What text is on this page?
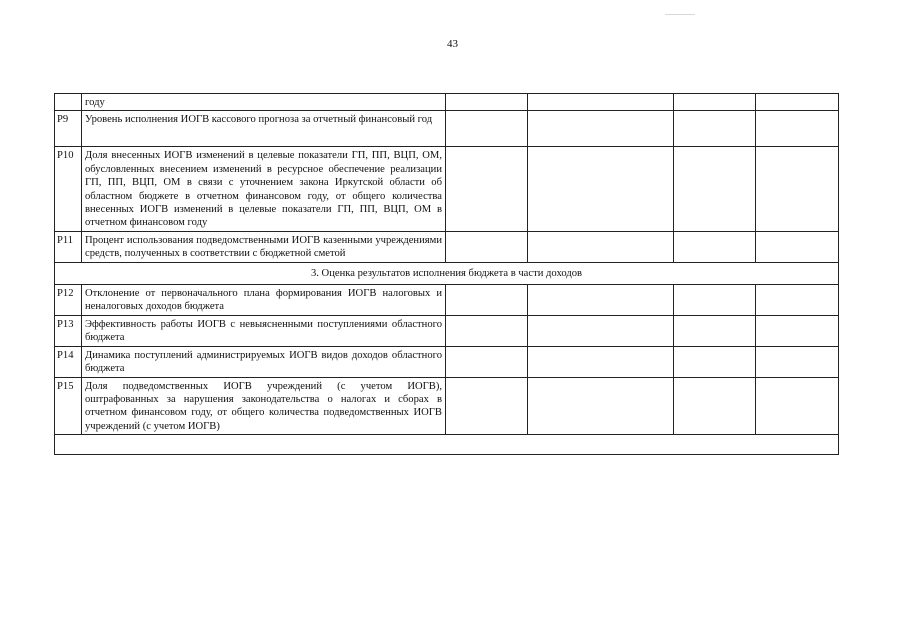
43
	году				
Р9	Уровень исполнения ИОГВ кассового прогноза за отчетный финансовый год				
Р10	Доля внесенных ИОГВ изменений в целевые показатели ГП, ПП, ВЦП, ОМ, обусловленных внесением изменений в ресурсное обеспечение реализации ГП, ПП, ВЦП, ОМ в связи с уточнением закона Иркутской области об областном бюджете в отчетном финансовом году, от общего количества внесенных ИОГВ изменений в целевые показатели ГП, ПП, ВЦП, ОМ в отчетном финансовом году				
Р11	Процент использования подведомственными ИОГВ казенными учреждениями средств, полученных в соответствии с бюджетной сметой				
3. Оценка результатов исполнения бюджета в части доходов					
Р12	Отклонение от первоначального плана формирования ИОГВ налоговых и неналоговых доходов бюджета				
Р13	Эффективность работы ИОГВ с невыясненными поступлениями областного бюджета				
Р14	Динамика поступлений администрируемых ИОГВ видов доходов областного бюджета				
Р15	Доля подведомственных ИОГВ учреждений (с учетом ИОГВ), оштрафованных за нарушения законодательства о налогах и сборах в отчетном финансовом году, от общего количества подведомственных ИОГВ учреждений (с учетом ИОГВ)				
